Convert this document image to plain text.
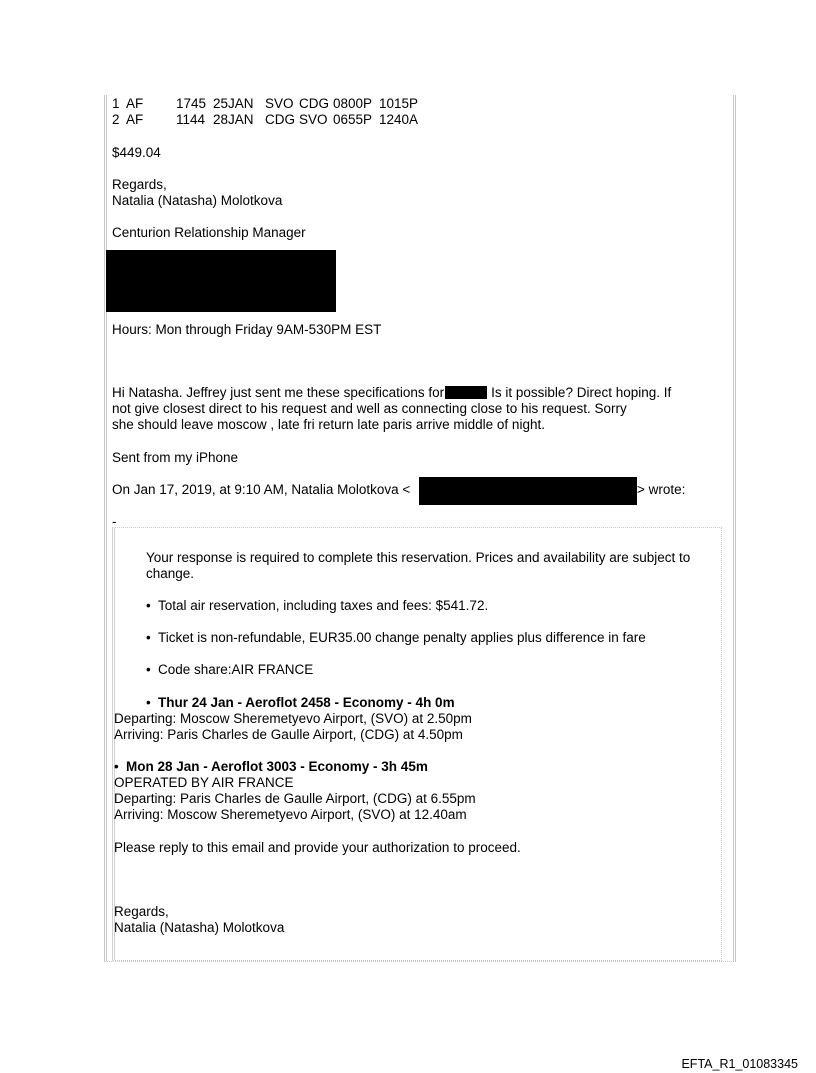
1 AF 1745 25JAN SVO CDG 0800P 1015P
2 AF 1144 28JAN CDG SVO 0655P 1240A
$449.04
Regards,
Natalia (Natasha) Molotkova
Centurion Relationship Manager
Hours: Mon through Friday 9AM-530PM EST
Hi Natasha. Jeffrey just sent me these specifications for	Is it possible? Direct hoping. If
not give closest direct to his request and well as connecting close to his request. Sorry
she should leave moscow , late fri return late paris arrive middle of night.
Sent from my iPhone
On Jan 17, 2019, at 9:10 AM, Natalia Molotkova <	> wrote:
-
Your response is required to complete this reservation. Prices and availability are subject to
change.
• Total air reservation, including taxes and fees: $541.72.
• Ticket is non-refundable, EUR35.00 change penalty applies plus difference in fare
• Code share:AIR FRANCE
• Thur 24 Jan - Aeroflot 2458 - Economy - 4h 0m
Departing: Moscow Sheremetyevo Airport, (SVO) at 2.50pm
Arriving: Paris Charles de Gaulle Airport, (CDG) at 4.50pm
• Mon 28 Jan - Aeroflot 3003 - Economy - 3h 45m
OPERATED BY AIR FRANCE
Departing: Paris Charles de Gaulle Airport, (CDG) at 6.55pm
Arriving: Moscow Sheremetyevo Airport, (SVO) at 12.40am
Please reply to this email and provide your authorization to proceed.
Regards,
Natalia (Natasha) Molotkova
EFTA_R1_01083345
